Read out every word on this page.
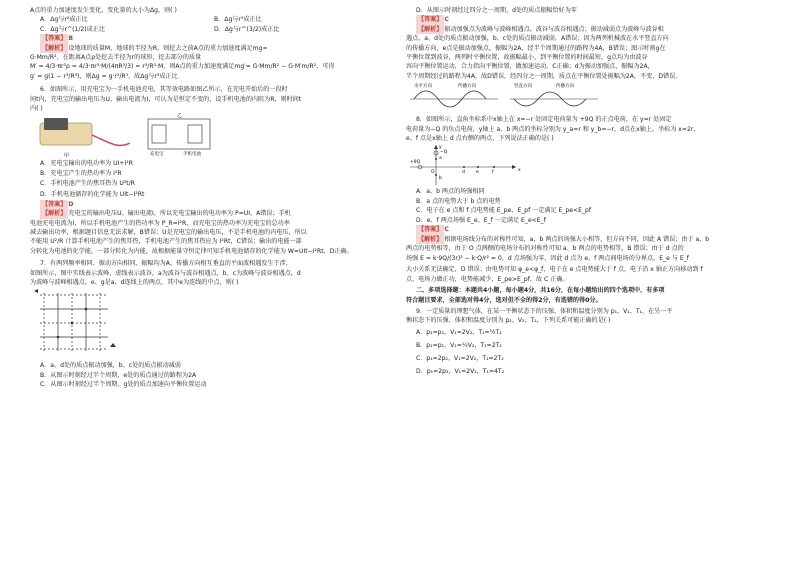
A点的重力加速度发生变化，变化量的大小为Δg，则( )

A．Δg与r²成正比	B．Δg与r³成正比
C．Δg与r^(1/2)成正比	D．Δg与r^(3/2)成正比

【答案】 B

【解析】 设地球的质量M，地球的半径为R，则挖去之前A点的重力加速度满足mg=

G·Mm/R²，在距离A点ρ处挖去半径为r的球形，挖去部分的质量

M′ = 4/3·πr³ρ = 4/3·πr³·M/(4πR³/3) = r³/R³·M，则A点的重力加速度满足mg′= G·Mm/R² − G·M′m/R²，可得

g′ = g(1 − r³/R³)，则Δg = g·r³/R³，故Δg与r³成正比

6．如图所示，用充电宝为一手机电池充电，其等效电路如图乙所示，在充电开始后的一段时

间t内，充电宝的输出电压为U、输出电流为I，可认为是恒定不变的，设手机电池的内阻为R，则时间t

内( )

充电宝	手机电池
甲
乙

A．充电宝输出的电功率为 UI+I²R

B．充电宝产生的热功率为 I²R

C．手机电池产生的焦耳热为 U²t/R

D．手机电池储存的化学能为 UIt−I²Rt

【答案】 D

【解析】 充电宝的输出电压U、输出电流I，所以充电宝输出的电功率为 P=UI，A错误；手机

电池充电电流为I，所以手机电池产生的热功率为 P_R=I²R，而充电宝的热功率为充电宝的总功率

减去输出功率，根据题目信息无法求解，B错误；U是充电宝的输出电压，不是手机电池的内电压，所以

不能用 U²/R 计算手机电池产生的焦耳热，手机电池产生的焦耳热应为 I²Rt，C错误；输出的电能一部

分转化为电池的化学能，一部分转化为内能，故根据能量守恒定律可知手机电池储存的化学能为 W=UIt−I²Rt，D正确。

7．有两列频率相同、振动方向相同、振幅均为A、传播方向相互垂直的平面波相遇发生干涉，

如图所示，图中实线表示波峰，虚线表示波谷，a为波谷与波谷相遇点，b、c为波峰与波谷相遇点，d

为波峰与波峰相遇点，e、g是a、d连线上的两点，其中e为连线的中点，则( )

A．a、d处的质点振动加强，b、c处的质点振动减弱

B．从图示时刻经过半个周期，e处的质点通过的路程为2A

C．从图示时刻经过半个周期，g处的质点加速向平衡位置运动

D．从图示时刻经过四分之一周期，d处的质点振幅恰好为零

【答案】 C

【解析】 振动加强点为波峰与波峰相遇点、波谷与波谷相遇点；振动减弱点为波峰与波谷相

遇点，a、d处的质点振动加强，b、c处的质点振动减弱，A错误；因为两列机械波在水平竖直方向

的传播方向，e点是振动加强点，振幅为2A，经半个周期通过的路程为4A，B错误；图示时刻g在

平衡位置到波谷，两列时平衡位置，故振幅最小，到平衡位置的时间最短，g点均为由波谷

容向平衡位置运动，合力指向平衡位置，做加速运动，C正确；d为振动加强点，振幅为2A，

半个周期经过的路程为4A，故D错误，经四分之一周期，质点在平衡位置处振幅为2A，不变，D错误。

水平方向	传播方向	竖直方向	传播方向

8．如图所示，直角坐标系中x轴上在 x=−r 处固定电荷量为 +9Q 的正点电荷，在 y=r 处固定

电荷量为−Q 的负点电荷，y轴上 a、b 两点的坐标分别为 y_a=r 和 y_b=−r，d点在x轴上，坐标为 x=2r，

e、f 点是x轴上 d 点右侧的两点，下列说法正确的是( )

+9Q
−Q
a
b
O	d e	f	x
y

A．a、b 两点的场强相同

B．a 点的电势大于 b 点的电势

C．电子在 e 点和 f 点电势能 E_pe、E_pf 一定满足 E_pe<E_pf

D．e、f 两点场强 E_e、E_f 一定满足 E_e<E_f

【答案】 C

【解析】 根据电场线分布的对称性可知，a、b 两点的场强大小相等，但方向不同，因此 A 错误；由于 a、b

两点的电势相等，由于 O 点两侧的电场分布的对称性可知 a、b 两点的电势相等，B 错误；由于 d 点的

场强 E = k·9Q/(3r)² − k·Q/r² = 0，d 点场强为零，因此 d 点为 e、f 两点间电场的分界点，E_e 与 E_f

大小关系无法确定，D 错误；由电势可知 φ_e<φ_f，电子在 e 点电势能大于 f 点，电子沿 x 轴正方向移动到 f

点，电场力做正功，电势能减少，E_pe>E_pf，故 C 正确。

二、多项选择题：本题共4小题，每小题4分，共16分，在每小题给出的四个选项中，有多项

符合题目要求，全部选对得4分，选对但不全的得2分，有选错的得0分。

9．一定质量的理想气体，在某一平衡状态下的压强、体积和温度分别为 p₁、V₁、T₁，在另一平

衡状态下的压强、体积和温度分别为 p₂、V₂、T₂，下列关系可能正确的是( )

A．p₁=p₂，V₁=2V₂，T₁=½T₂

B．p₁=p₂，V₁=½V₂，T₁=2T₂

C．p₁=2p₂，V₁=2V₂，T₁=2T₂

D．p₁=2p₂，V₁=2V₂，T₁=4T₂
